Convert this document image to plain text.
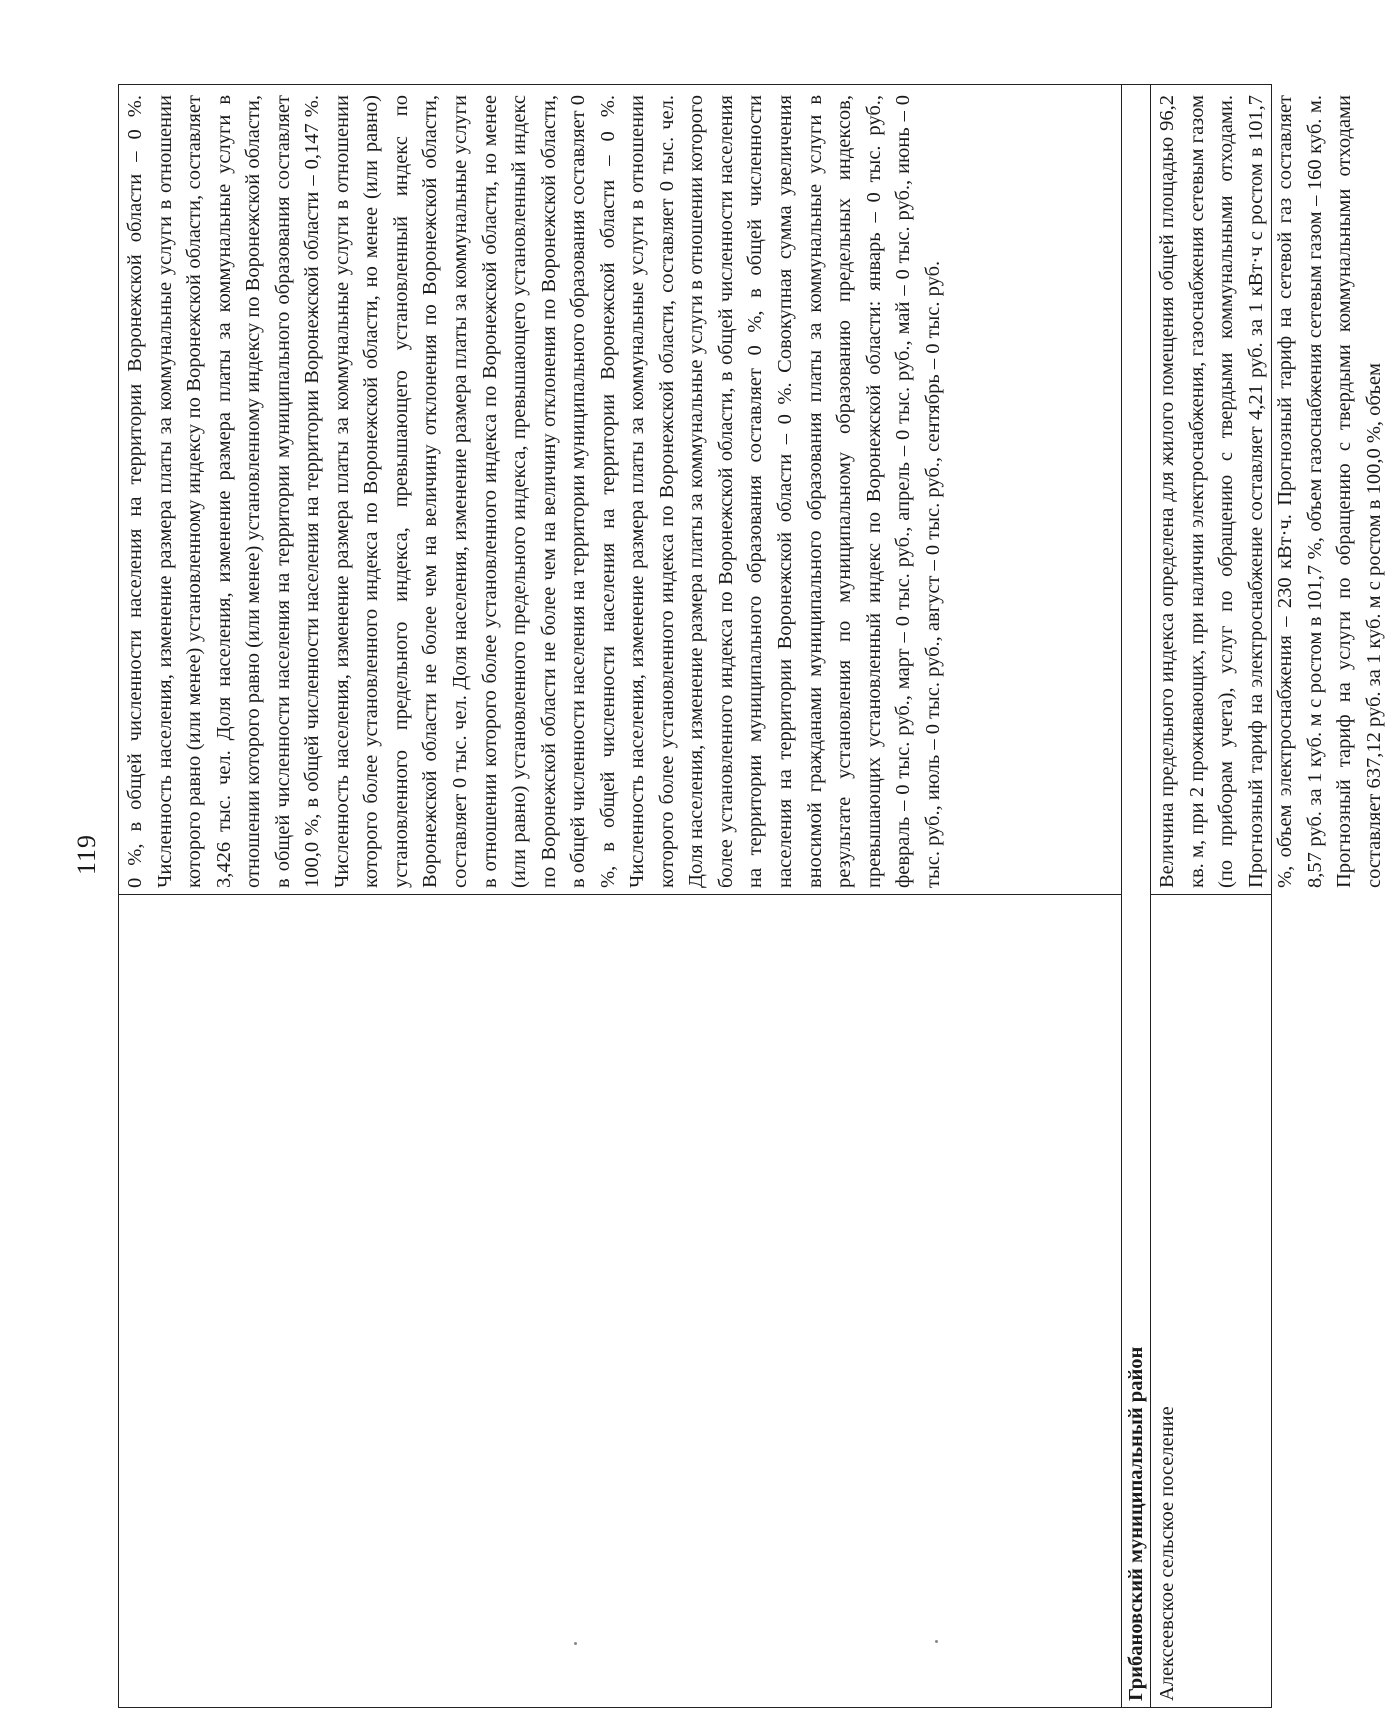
119 0 %, в общей численности населения на территории Воронежской области – 0 %. Численность населения, изменение размера платы за коммунальные услуги в отношении которого равно (или менее) установленному индексу по Воронежской области, составляет 3,426 тыс. чел. Доля населения, изменение размера платы за коммунальные услуги в отношении которого равно (или менее) установленному индексу по Воронежской области, в общей численности населения на территории муниципального образования составляет 100,0 %, в общей численности населения на территории Воронежской области – 0,147 %. Численность населения, изменение размера платы за коммунальные услуги в отношении которого более установленного индекса по Воронежской области, но менее (или равно) установленного предельного индекса, превышающего установленный индекс по Воронежской области не более чем на величину отклонения по Воронежской области, составляет 0 тыс. чел. Доля населения, изменение размера платы за коммунальные услуги в отношении которого более установленного индекса по Воронежской области, но менее (или равно) установленного предельного индекса, превышающего установленный индекс по Воронежской области не более чем на величину отклонения по Воронежской области, в общей численности населения на территории муниципального образования составляет 0 %, в общей численности населения на территории Воронежской области – 0 %. Численность населения, изменение размера платы за коммунальные услуги в отношении которого более установленного индекса по Воронежской области, составляет 0 тыс. чел. Доля населения, изменение размера платы за коммунальные услуги в отношении которого более установленного индекса по Воронежской области, в общей численности населения на территории муниципального образования составляет 0 %, в общей численности населения на территории Воронежской области – 0 %. Совокупная сумма увеличения вносимой гражданами муниципального образования платы за коммунальные услуги в результате установления по муниципальному образованию предельных индексов, превышающих установленный индекс по Воронежской области: январь – 0 тыс. руб., февраль – 0 тыс. руб., март – 0 тыс. руб., апрель – 0 тыс. руб., май – 0 тыс. руб., июнь – 0 тыс. руб., июль – 0 тыс. руб., август – 0 тыс. руб., сентябрь – 0 тыс. руб.
Грибановский муниципальный район Алексеевское сельское поселение
Величина предельного индекса определена для жилого помещения общей площадью 96,2 кв. м, при 2 проживающих, при наличии электроснабжения, газоснабжения сетевым газом (по приборам учета), услуг по обращению с твердыми коммунальными отходами. Прогнозный тариф на электроснабжение составляет 4,21 руб. за 1 кВт·ч с ростом в 101,7 %, объем электроснабжения – 230 кВт·ч. Прогнозный тариф на сетевой газ составляет 8,57 руб. за 1 куб. м с ростом в 101,7 %, объем газоснабжения сетевым газом – 160 куб. м. Прогнозный тариф на услуги по обращению с твердыми коммунальными отходами составляет 637,12 руб. за 1 куб. м с ростом в 100,0 %, объем
